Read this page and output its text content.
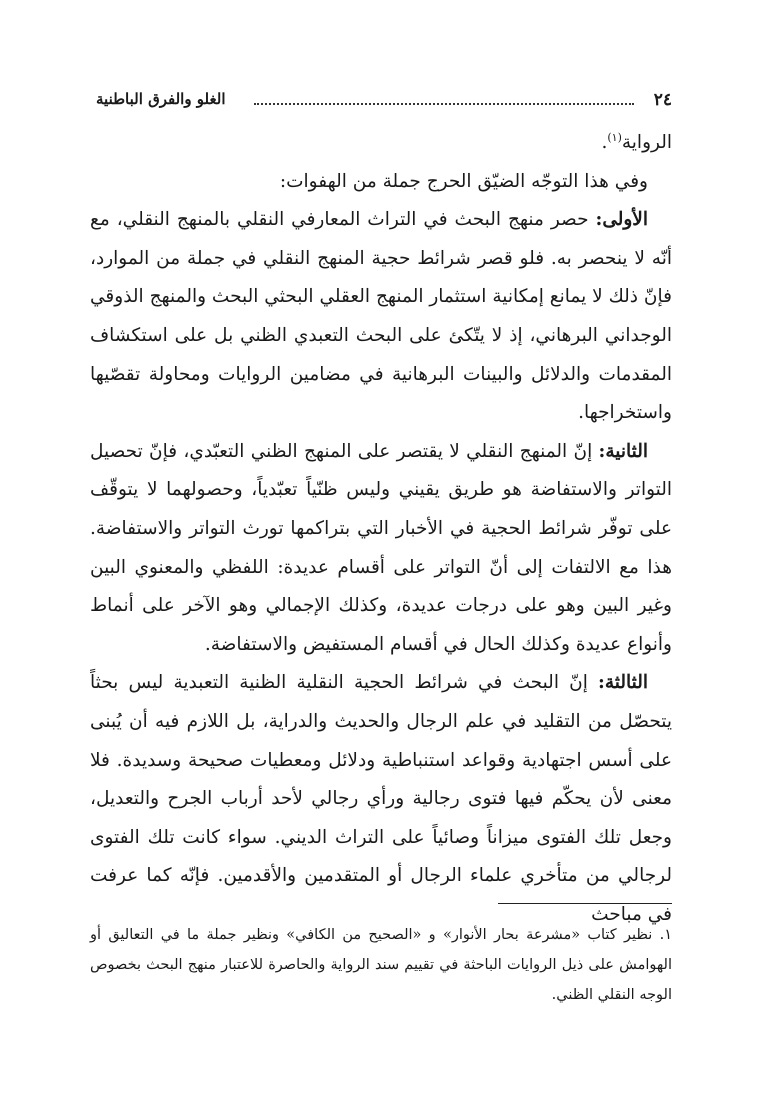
٢٤
الغلو والفرق الباطنية

الرواية$^{(١)}$.

وفي هذا التوجّه الضيّق الحرج جملة من الهفوات:

الأولى: حصر منهج البحث في التراث المعارفي النقلي بالمنهج النقلي، مع أنّه لا ينحصر به. فلو قصر شرائط حجية المنهج النقلي في جملة من الموارد، فإنّ ذلك لا يمانع إمكانية استثمار المنهج العقلي البحثي البحث والمنهج الذوقي الوجداني البرهاني، إذ لا يتّكئ على البحث التعبدي الظني بل على استكشاف المقدمات والدلائل والبينات البرهانية في مضامين الروايات ومحاولة تقصّيها واستخراجها.

الثانية: إنّ المنهج النقلي لا يقتصر على المنهج الظني التعبّدي، فإنّ تحصيل التواتر والاستفاضة هو طريق يقيني وليس ظنّياً تعبّدياً، وحصولهما لا يتوقّف على توفّر شرائط الحجية في الأخبار التي بتراكمها تورث التواتر والاستفاضة. هذا مع الالتفات إلى أنّ التواتر على أقسام عديدة: اللفظي والمعنوي البين وغير البين وهو على درجات عديدة، وكذلك الإجمالي وهو الآخر على أنماط وأنواع عديدة وكذلك الحال في أقسام المستفيض والاستفاضة.

الثالثة: إنّ البحث في شرائط الحجية النقلية الظنية التعبدية ليس بحثاً يتحصّل من التقليد في علم الرجال والحديث والدراية، بل اللازم فيه أن يُبنى على أسس اجتهادية وقواعد استنباطية ودلائل ومعطيات صحيحة وسديدة. فلا معنى لأن يحكّم فيها فتوى رجالية ورأي رجالي لأحد أرباب الجرح والتعديل، وجعل تلك الفتوى ميزاناً وصائياً على التراث الديني. سواء كانت تلك الفتوى لرجالي من متأخري علماء الرجال أو المتقدمين والأقدمين. فإنّه كما عرفت في مباحث

١. نظير كتاب «مشرعة بحار الأنوار» و «الصحيح من الكافي» ونظير جملة ما في التعاليق أو الهوامش على ذيل الروايات الباحثة في تقييم سند الرواية والحاصرة للاعتبار منهج البحث بخصوص الوجه النقلي الظني.
